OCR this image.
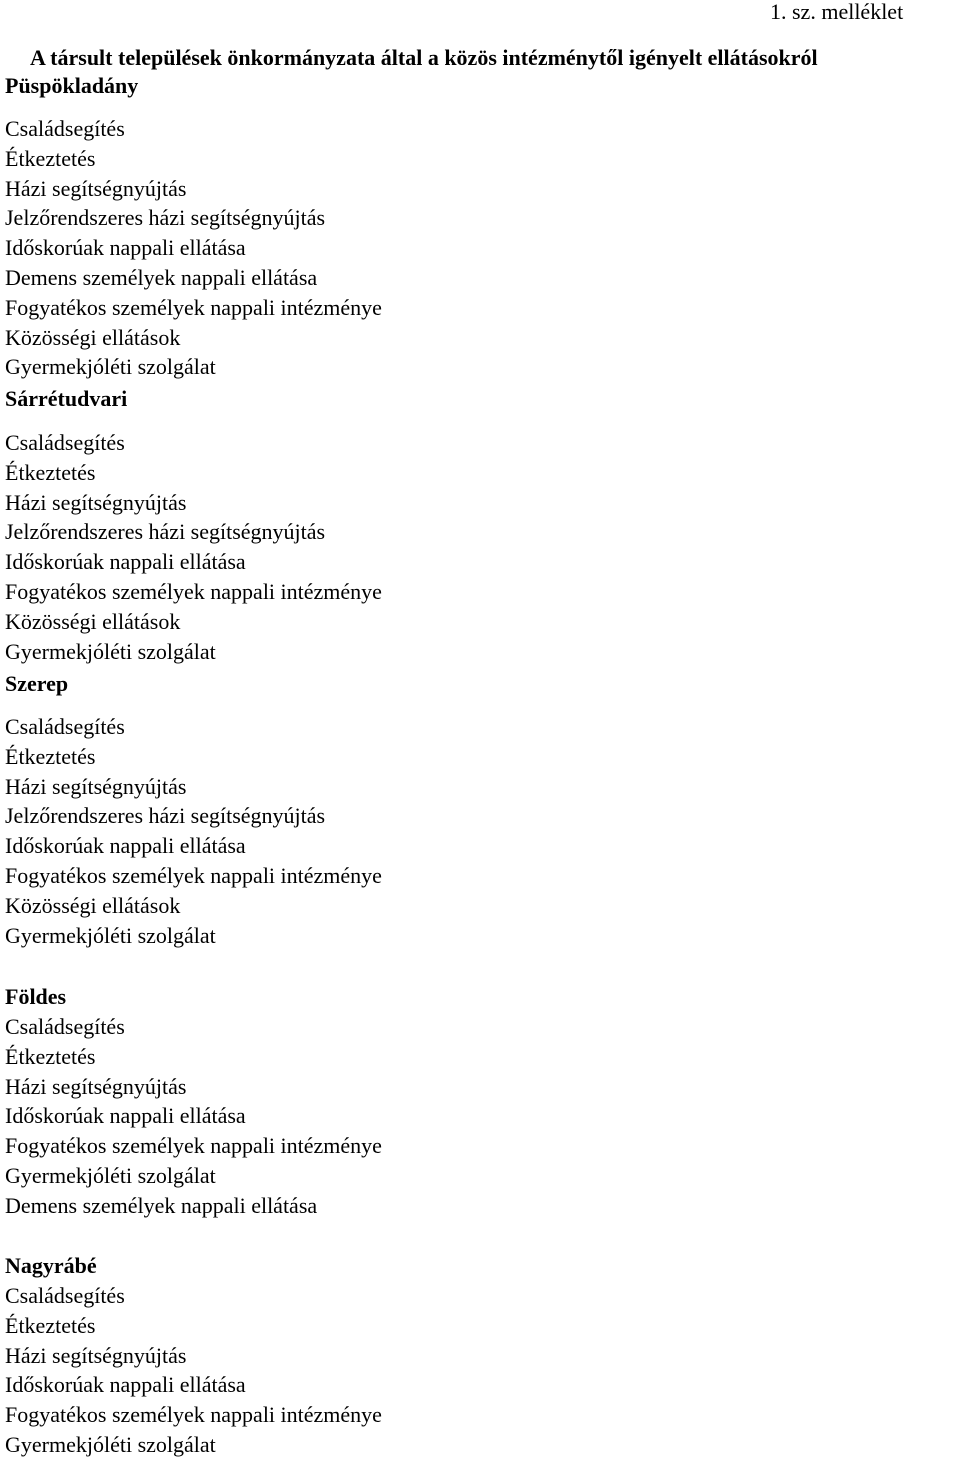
1. sz. melléklet
A társult települések önkormányzata által a közös intézménytől igényelt ellátásokról
Püspökladány
Családsegítés
Étkeztetés
Házi segítségnyújtás
Jelzőrendszeres házi segítségnyújtás
Időskorúak nappali ellátása
Demens személyek nappali ellátása
Fogyatékos személyek nappali intézménye
Közösségi ellátások
Gyermekjóléti szolgálat
Sárrétudvari
Családsegítés
Étkeztetés
Házi segítségnyújtás
Jelzőrendszeres házi segítségnyújtás
Időskorúak nappali ellátása
Fogyatékos személyek nappali intézménye
Közösségi ellátások
Gyermekjóléti szolgálat
Szerep
Családsegítés
Étkeztetés
Házi segítségnyújtás
Jelzőrendszeres házi segítségnyújtás
Időskorúak nappali ellátása
Fogyatékos személyek nappali intézménye
Közösségi ellátások
Gyermekjóléti szolgálat
Földes
Családsegítés
Étkeztetés
Házi segítségnyújtás
Időskorúak nappali ellátása
Fogyatékos személyek nappali intézménye
Gyermekjóléti szolgálat
Demens személyek nappali ellátása
Nagyrábé
Családsegítés
Étkeztetés
Házi segítségnyújtás
Időskorúak nappali ellátása
Fogyatékos személyek nappali intézménye
Gyermekjóléti szolgálat
